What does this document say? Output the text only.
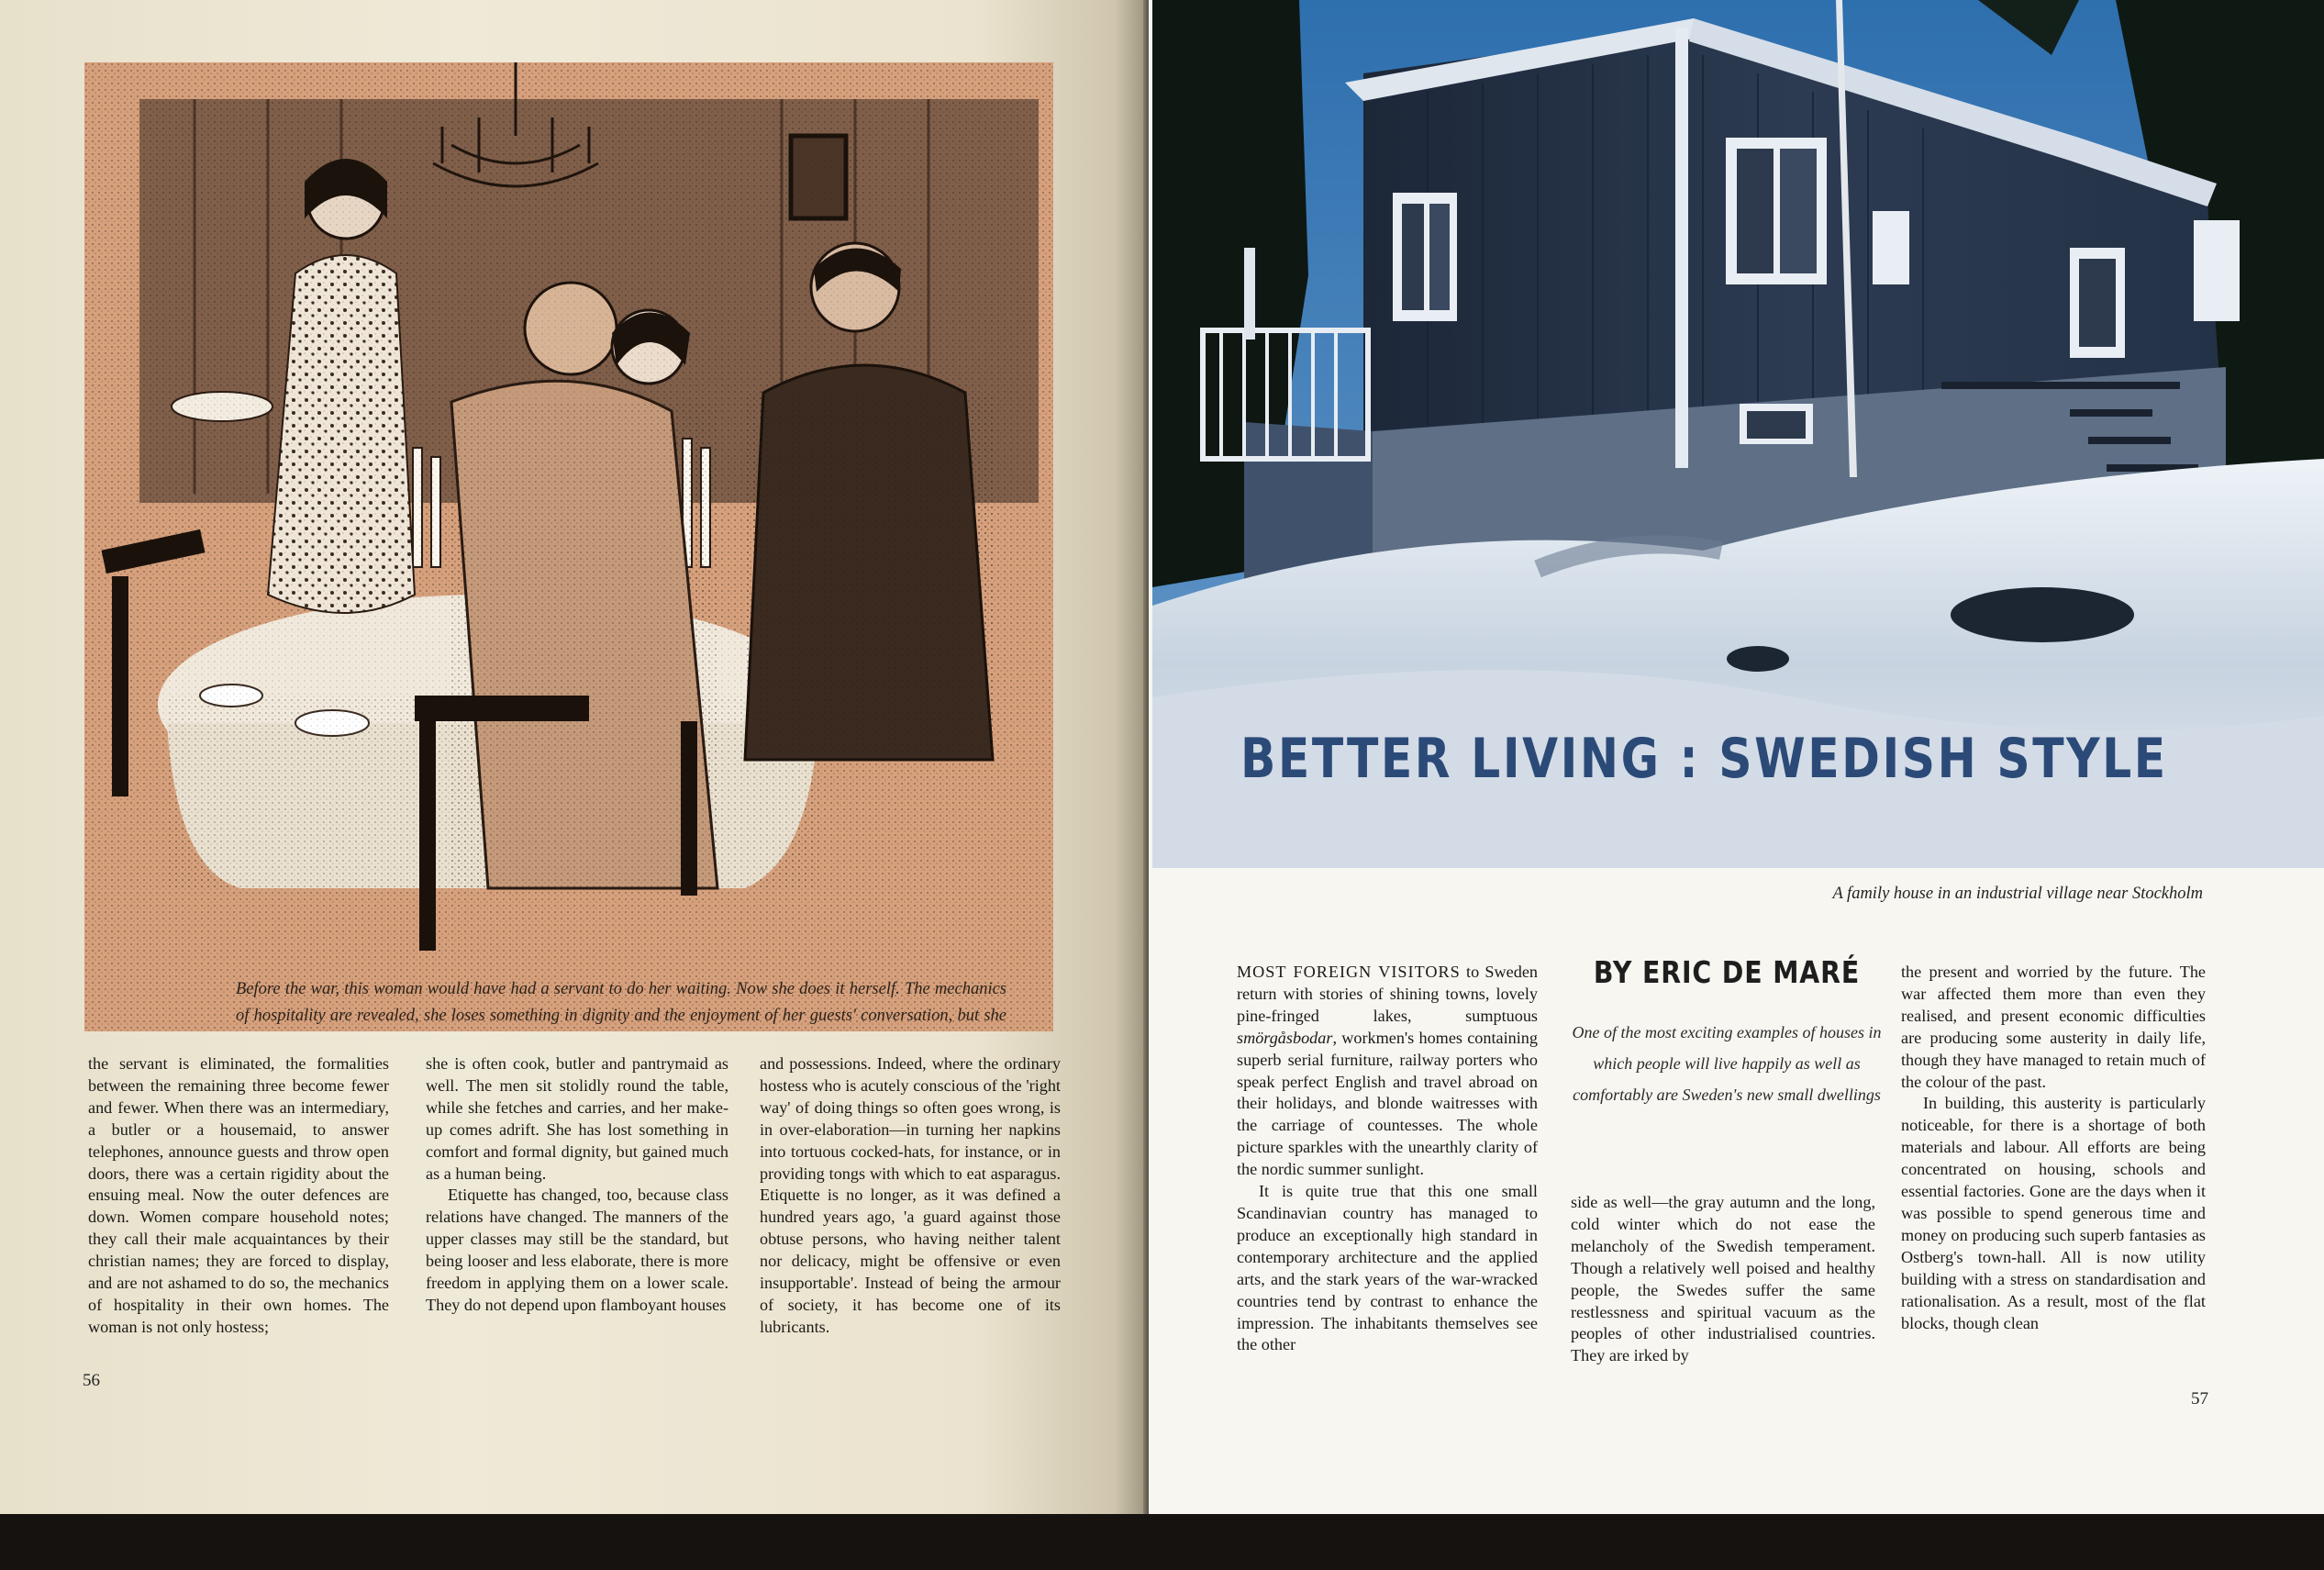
Before the war, this woman would have had a servant to do her waiting. Now she does it herself. The mechanics of hospitality are revealed, she loses something in dignity and the enjoyment of her guests' conversation, but she

the servant is eliminated, the formalities between the remaining three become fewer and fewer. When there was an intermediary, a butler or a housemaid, to answer telephones, announce guests and throw open doors, there was a certain rigidity about the ensuing meal. Now the outer defences are down. Women compare household notes; they call their male acquaintances by their christian names; they are forced to display, and are not ashamed to do so, the mechanics of hospitality in their own homes. The woman is not only hostess;

she is often cook, butler and pantrymaid as well. The men sit stolidly round the table, while she fetches and carries, and her make-up comes adrift. She has lost something in comfort and formal dignity, but gained much as a human being.

Etiquette has changed, too, because class relations have changed. The manners of the upper classes may still be the standard, but being looser and less elaborate, there is more freedom in applying them on a lower scale. They do not depend upon flamboyant houses

and possessions. Indeed, where the ordinary hostess who is acutely conscious of the 'right way' of doing things so often goes wrong, is in over-elaboration—in turning her napkins into tortuous cocked-hats, for instance, or in providing tongs with which to eat asparagus. Etiquette is no longer, as it was defined a hundred years ago, 'a guard against those obtuse persons, who having neither talent nor delicacy, might be offensive or even insupportable'. Instead of being the armour of society, it has become one of its lubricants.

56
57
BETTER LIVING : SWEDISH STYLE
A family house in an industrial village near Stockholm

MOST FOREIGN VISITORS to Sweden return with stories of shining towns, lovely pine-fringed lakes, sumptuous smörgåsbodar, workmen's homes containing superb serial furniture, railway porters who speak perfect English and travel abroad on their holidays, and blonde waitresses with the carriage of countesses. The whole picture sparkles with the unearthly clarity of the nordic summer sunlight.

It is quite true that this one small Scandinavian country has managed to produce an exceptionally high standard in contemporary architecture and the applied arts, and the stark years of the war-wracked countries tend by contrast to enhance the impression. The inhabitants themselves see the other

BY ERIC DE MARÉ
One of the most exciting examples of houses in which people will live happily as well as comfortably are Sweden's new small dwellings

side as well—the gray autumn and the long, cold winter which do not ease the melancholy of the Swedish temperament. Though a relatively well poised and healthy people, the Swedes suffer the same restlessness and spiritual vacuum as the peoples of other industrialised countries. They are irked by

the present and worried by the future. The war affected them more than even they realised, and present economic difficulties are producing some austerity in daily life, though they have managed to retain much of the colour of the past.

In building, this austerity is particularly noticeable, for there is a shortage of both materials and labour. All efforts are being concentrated on housing, schools and essential factories. Gone are the days when it was possible to spend generous time and money on producing such superb fantasies as Ostberg's town-hall. All is now utility building with a stress on standardisation and rationalisation. As a result, most of the flat blocks, though clean
